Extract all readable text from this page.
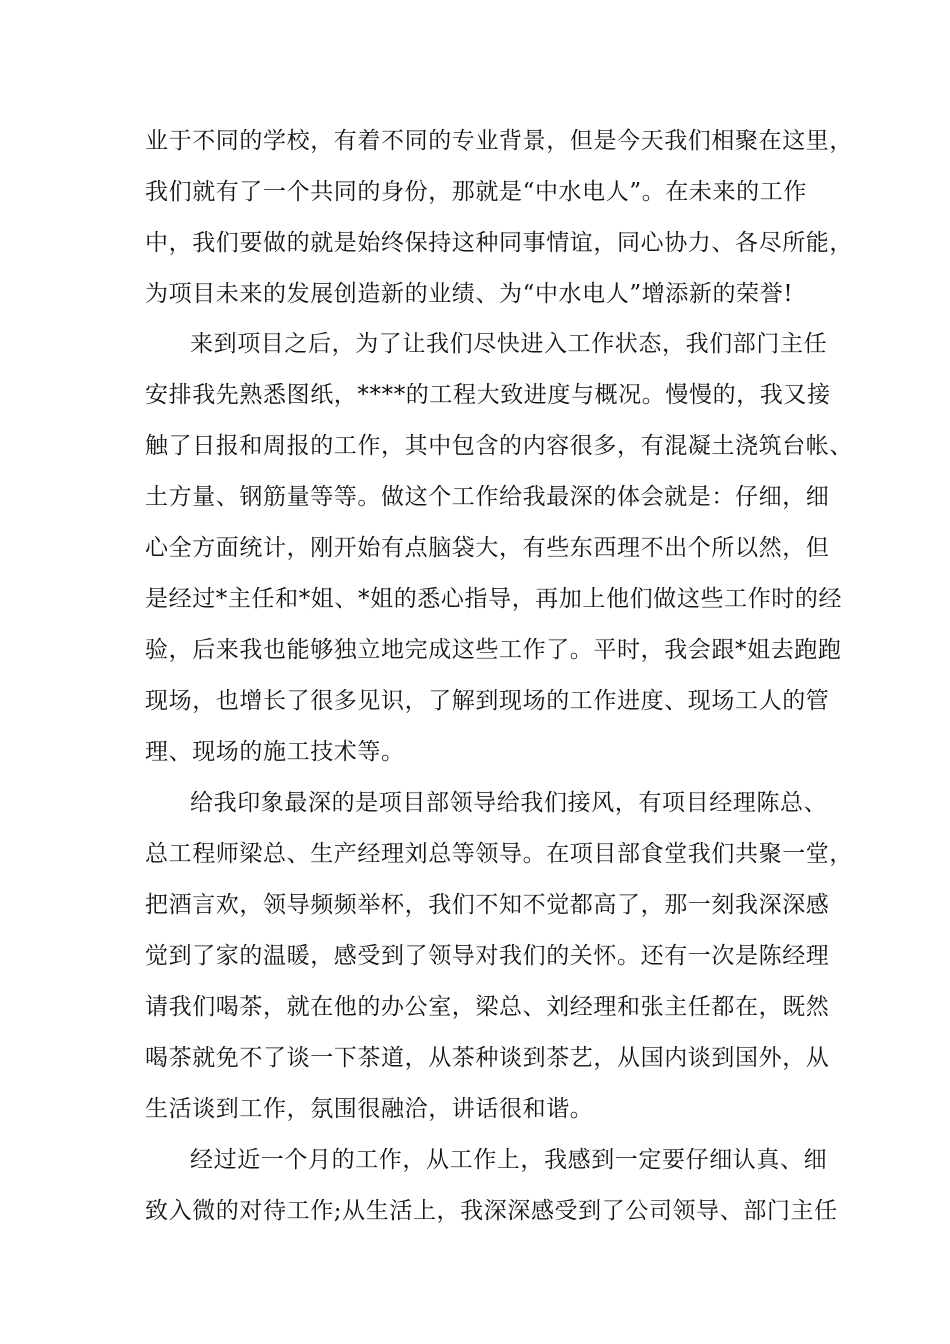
业于不同的学校，有着不同的专业背景，但是今天我们相聚在这里，
我们就有了一个共同的身份，那就是“中水电人”。在未来的工作
中，我们要做的就是始终保持这种同事情谊，同心协力、各尽所能，
为项目未来的发展创造新的业绩、为“中水电人”增添新的荣誉!
来到项目之后，为了让我们尽快进入工作状态，我们部门主任
安排我先熟悉图纸，****的工程大致进度与概况。慢慢的，我又接
触了日报和周报的工作，其中包含的内容很多，有混凝土浇筑台帐、
土方量、钢筋量等等。做这个工作给我最深的体会就是：仔细，细
心全方面统计，刚开始有点脑袋大，有些东西理不出个所以然，但
是经过*主任和*姐、*姐的悉心指导，再加上他们做这些工作时的经
验，后来我也能够独立地完成这些工作了。平时，我会跟*姐去跑跑
现场，也增长了很多见识，了解到现场的工作进度、现场工人的管
理、现场的施工技术等。
给我印象最深的是项目部领导给我们接风，有项目经理陈总、
总工程师梁总、生产经理刘总等领导。在项目部食堂我们共聚一堂，
把酒言欢，领导频频举杯，我们不知不觉都高了，那一刻我深深感
觉到了家的温暖，感受到了领导对我们的关怀。还有一次是陈经理
请我们喝茶，就在他的办公室，梁总、刘经理和张主任都在，既然
喝茶就免不了谈一下茶道，从茶种谈到茶艺，从国内谈到国外，从
生活谈到工作，氛围很融洽，讲话很和谐。
经过近一个月的工作，从工作上，我感到一定要仔细认真、细
致入微的对待工作;从生活上，我深深感受到了公司领导、部门主任
